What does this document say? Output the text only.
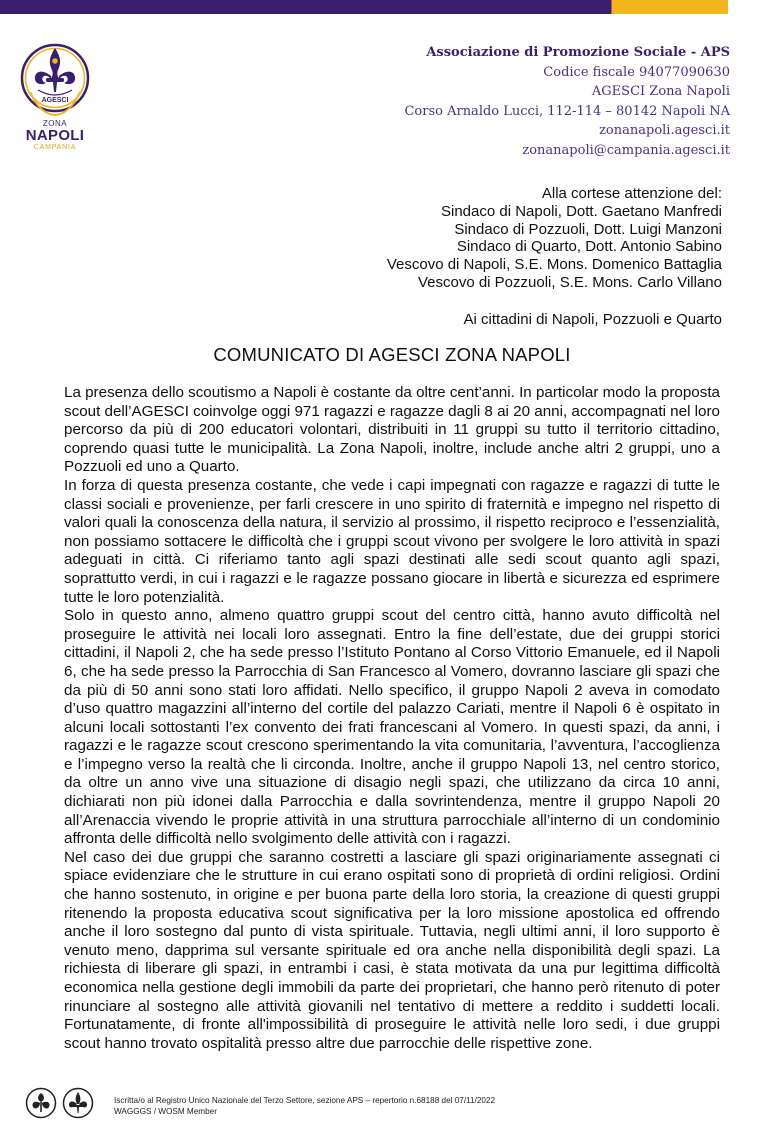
AGESCI
ZONA
NAPOLI
CAMPANIA
Associazione di Promozione Sociale - APS
Codice fiscale 94077090630
AGESCI Zona Napoli
Corso Arnaldo Lucci, 112-114 – 80142 Napoli NA
zonanapoli.agesci.it
zonanapoli@campania.agesci.it
Alla cortese attenzione del:
Sindaco di Napoli, Dott. Gaetano Manfredi
Sindaco di Pozzuoli, Dott. Luigi Manzoni
Sindaco di Quarto, Dott. Antonio Sabino
Vescovo di Napoli, S.E. Mons. Domenico Battaglia
Vescovo di Pozzuoli, S.E. Mons. Carlo Villano
Ai cittadini di Napoli, Pozzuoli e Quarto
COMUNICATO DI AGESCI ZONA NAPOLI

La presenza dello scoutismo a Napoli è costante da oltre cent’anni. In particolar modo la proposta scout dell’AGESCI coinvolge oggi 971 ragazzi e ragazze dagli 8 ai 20 anni, accompagnati nel loro percorso da più di 200 educatori volontari, distribuiti in 11 gruppi su tutto il territorio cittadino, coprendo quasi tutte le municipalità. La Zona Napoli, inoltre, include anche altri 2 gruppi, uno a Pozzuoli ed uno a Quarto.

In forza di questa presenza costante, che vede i capi impegnati con ragazze e ragazzi di tutte le classi sociali e provenienze, per farli crescere in uno spirito di fraternità e impegno nel rispetto di valori quali la conoscenza della natura, il servizio al prossimo, il rispetto reciproco e l’essenzialità, non possiamo sottacere le difficoltà che i gruppi scout vivono per svolgere le loro attività in spazi adeguati in città. Ci riferiamo tanto agli spazi destinati alle sedi scout quanto agli spazi, soprattutto verdi, in cui i ragazzi e le ragazze possano giocare in libertà e sicurezza ed esprimere tutte le loro potenzialità.

Solo in questo anno, almeno quattro gruppi scout del centro città, hanno avuto difficoltà nel proseguire le attività nei locali loro assegnati. Entro la fine dell’estate, due dei gruppi storici cittadini, il Napoli 2, che ha sede presso l’Istituto Pontano al Corso Vittorio Emanuele, ed il Napoli 6, che ha sede presso la Parrocchia di San Francesco al Vomero, dovranno lasciare gli spazi che da più di 50 anni sono stati loro affidati. Nello specifico, il gruppo Napoli 2 aveva in comodato d’uso quattro magazzini all’interno del cortile del palazzo Cariati, mentre il Napoli 6 è ospitato in alcuni locali sottostanti l’ex convento dei frati francescani al Vomero. In questi spazi, da anni, i ragazzi e le ragazze scout crescono sperimentando la vita comunitaria, l’avventura, l’accoglienza e l’impegno verso la realtà che li circonda. Inoltre, anche il gruppo Napoli 13, nel centro storico, da oltre un anno vive una situazione di disagio negli spazi, che utilizzano da circa 10 anni, dichiarati non più idonei dalla Parrocchia e dalla sovrintendenza, mentre il gruppo Napoli 20 all’Arenaccia vivendo le proprie attività in una struttura parrocchiale all’interno di un condominio affronta delle difficoltà nello svolgimento delle attività con i ragazzi.

Nel caso dei due gruppi che saranno costretti a lasciare gli spazi originariamente assegnati ci spiace evidenziare che le strutture in cui erano ospitati sono di proprietà di ordini religiosi. Ordini che hanno sostenuto, in origine e per buona parte della loro storia, la creazione di questi gruppi ritenendo la proposta educativa scout significativa per la loro missione apostolica ed offrendo anche il loro sostegno dal punto di vista spirituale. Tuttavia, negli ultimi anni, il loro supporto è venuto meno, dapprima sul versante spirituale ed ora anche nella disponibilità degli spazi. La richiesta di liberare gli spazi, in entrambi i casi, è stata motivata da una pur legittima difficoltà economica nella gestione degli immobili da parte dei proprietari, che hanno però ritenuto di poter rinunciare al sostegno alle attività giovanili nel tentativo di mettere a reddito i suddetti locali. Fortunatamente, di fronte all'impossibilità di proseguire le attività nelle loro sedi, i due gruppi scout hanno trovato ospitalità presso altre due parrocchie delle rispettive zone.

Iscritta/o al Registro Unico Nazionale del Terzo Settore, sezione APS – repertorio n.68188 del 07/11/2022
WAGGGS / WOSM Member
